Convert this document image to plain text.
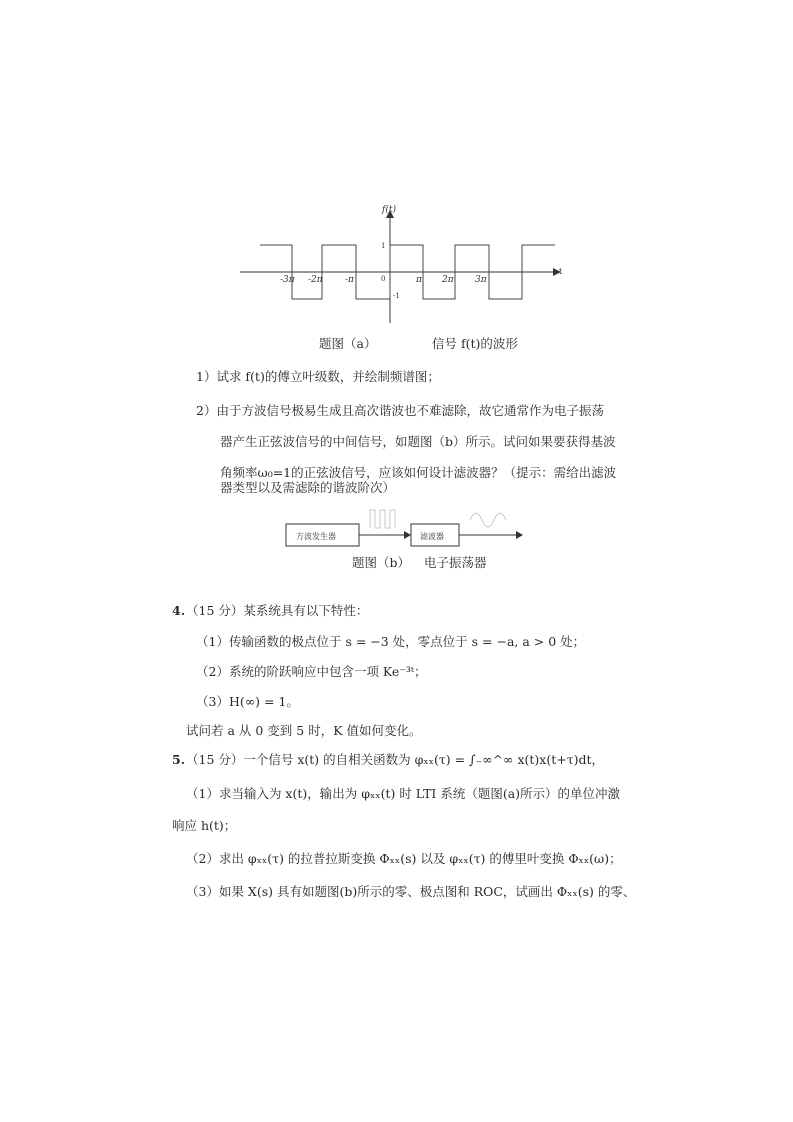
-3π -2π -π	0	π 2π 3π
1
-1
f(t)
t
题图（a）	信号 f(t)的波形
1）试求 f(t)的傅立叶级数，并绘制频谱图；
2）由于方波信号极易生成且高次谐波也不难滤除，故它通常作为电子振荡
器产生正弦波信号的中间信号，如题图（b）所示。试问如果要获得基波
角频率ω₀=1的正弦波信号，应该如何设计滤波器？（提示：需给出滤波
器类型以及需滤除的谐波阶次）
方波发生器	滤波器
题图（b） 电子振荡器
4. （15 分）某系统具有以下特性：
（1）传输函数的极点位于 s = −3 处，零点位于 s = −a, a > 0 处；
（2）系统的阶跃响应中包含一项 Ke⁻³ᵗ；
（3）H(∞) = 1。
试问若 a 从 0 变到 5 时，K 值如何变化。
5. （15 分）一个信号 x(t) 的自相关函数为 φₓₓ(τ) = ∫₋∞^∞ x(t)x(t+τ)dt，
（1）求当输入为 x(t)，输出为 φₓₓ(t) 时 LTI 系统（题图(a)所示）的单位冲激
响应 h(t)；
（2）求出 φₓₓ(τ) 的拉普拉斯变换 Φₓₓ(s) 以及 φₓₓ(τ) 的傅里叶变换 Φₓₓ(ω)；
（3）如果 X(s) 具有如题图(b)所示的零、极点图和 ROC，试画出 Φₓₓ(s) 的零、
